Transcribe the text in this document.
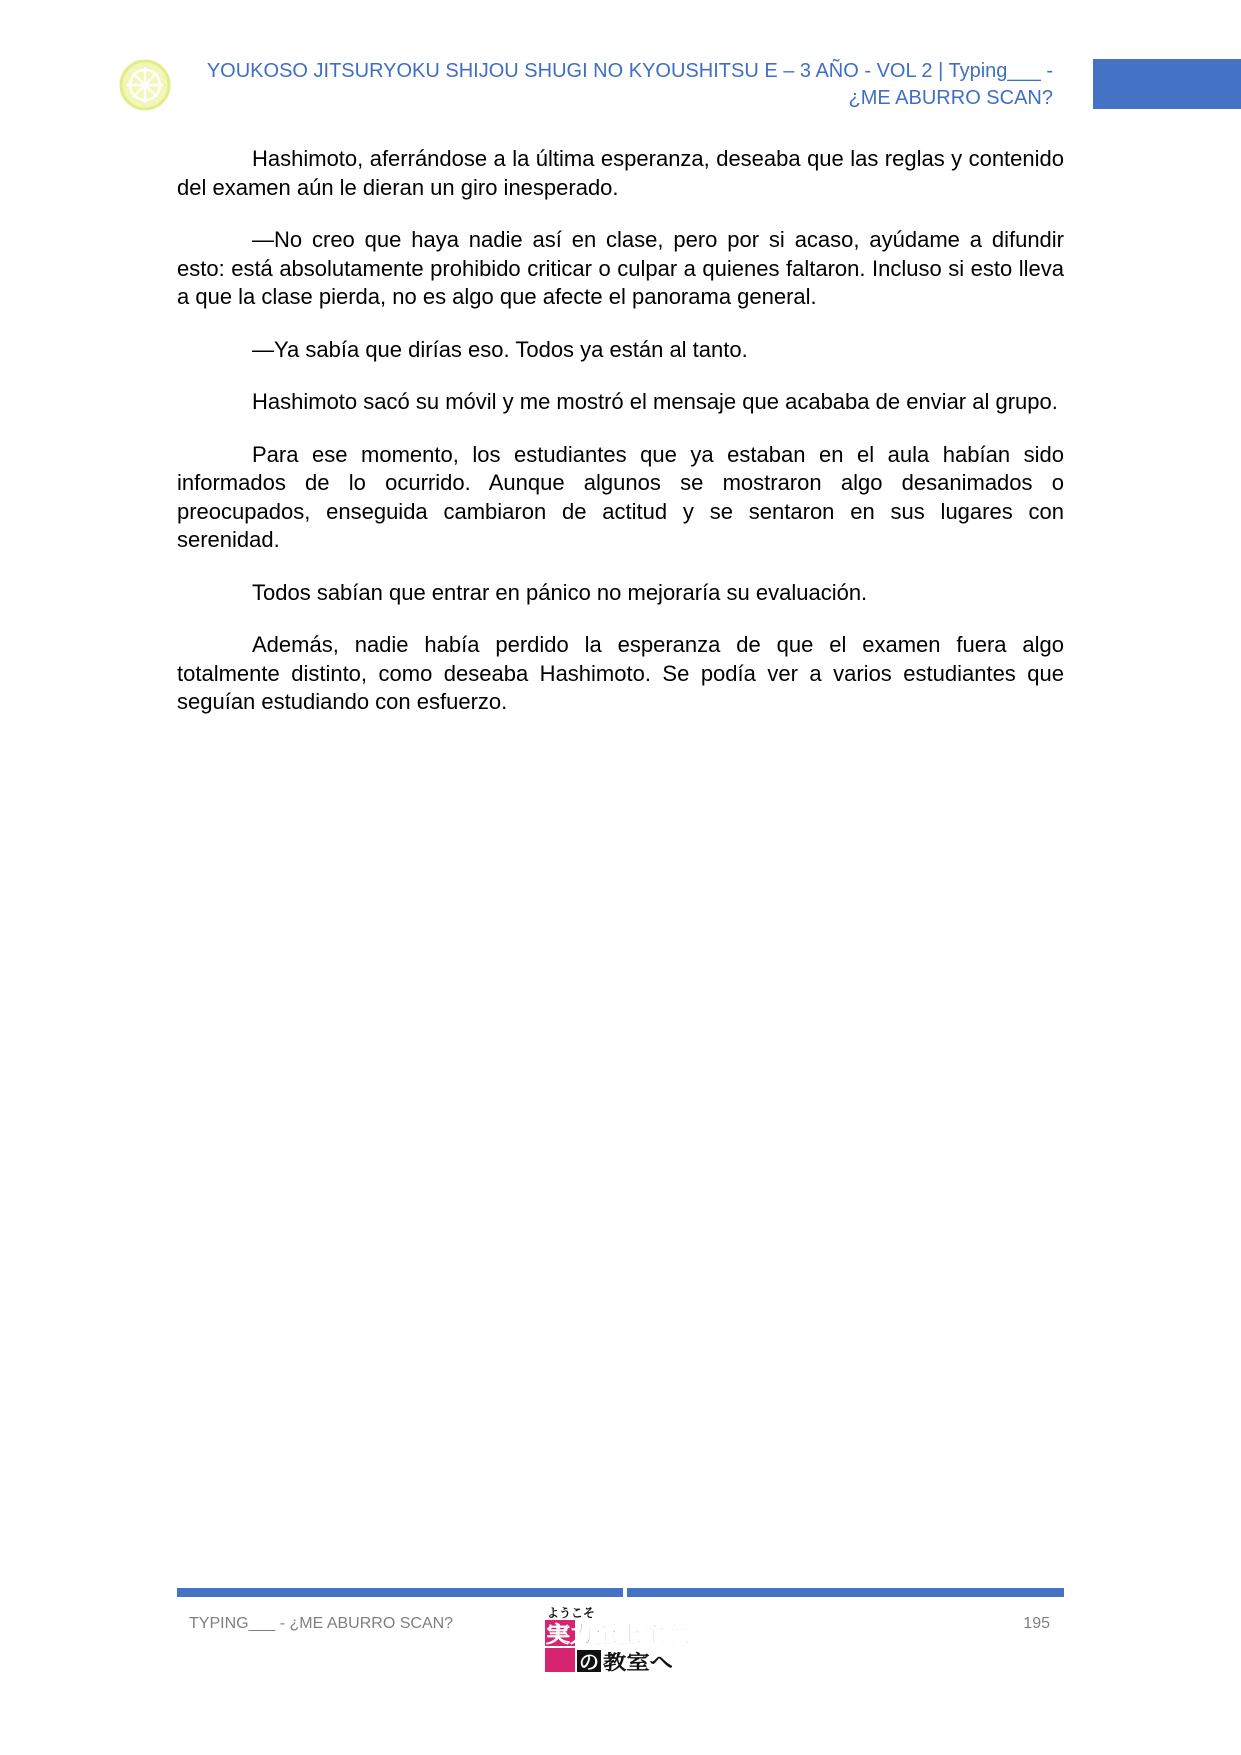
YOUKOSO JITSURYOKU SHIJOU SHUGI NO KYOUSHITSU E – 3 AÑO - VOL 2 | Typing___ - ¿ME ABURRO SCAN?

Hashimoto, aferrándose a la última esperanza, deseaba que las reglas y contenido del examen aún le dieran un giro inesperado.

—No creo que haya nadie así en clase, pero por si acaso, ayúdame a difundir esto: está absolutamente prohibido criticar o culpar a quienes faltaron. Incluso si esto lleva a que la clase pierda, no es algo que afecte el panorama general.

—Ya sabía que dirías eso. Todos ya están al tanto.

Hashimoto sacó su móvil y me mostró el mensaje que acababa de enviar al grupo.

Para ese momento, los estudiantes que ya estaban en el aula habían sido informados de lo ocurrido. Aunque algunos se mostraron algo desanimados o preocupados, enseguida cambiaron de actitud y se sentaron en sus lugares con serenidad.

Todos sabían que entrar en pánico no mejoraría su evaluación.

Además, nadie había perdido la esperanza de que el examen fuera algo totalmente distinto, como deseaba Hashimoto. Se podía ver a varios estudiantes que seguían estudiando con esfuerzo.

TYPING___ - ¿ME ABURRO SCAN?
ようこそ
実力至上主義
の 教室へ
195
